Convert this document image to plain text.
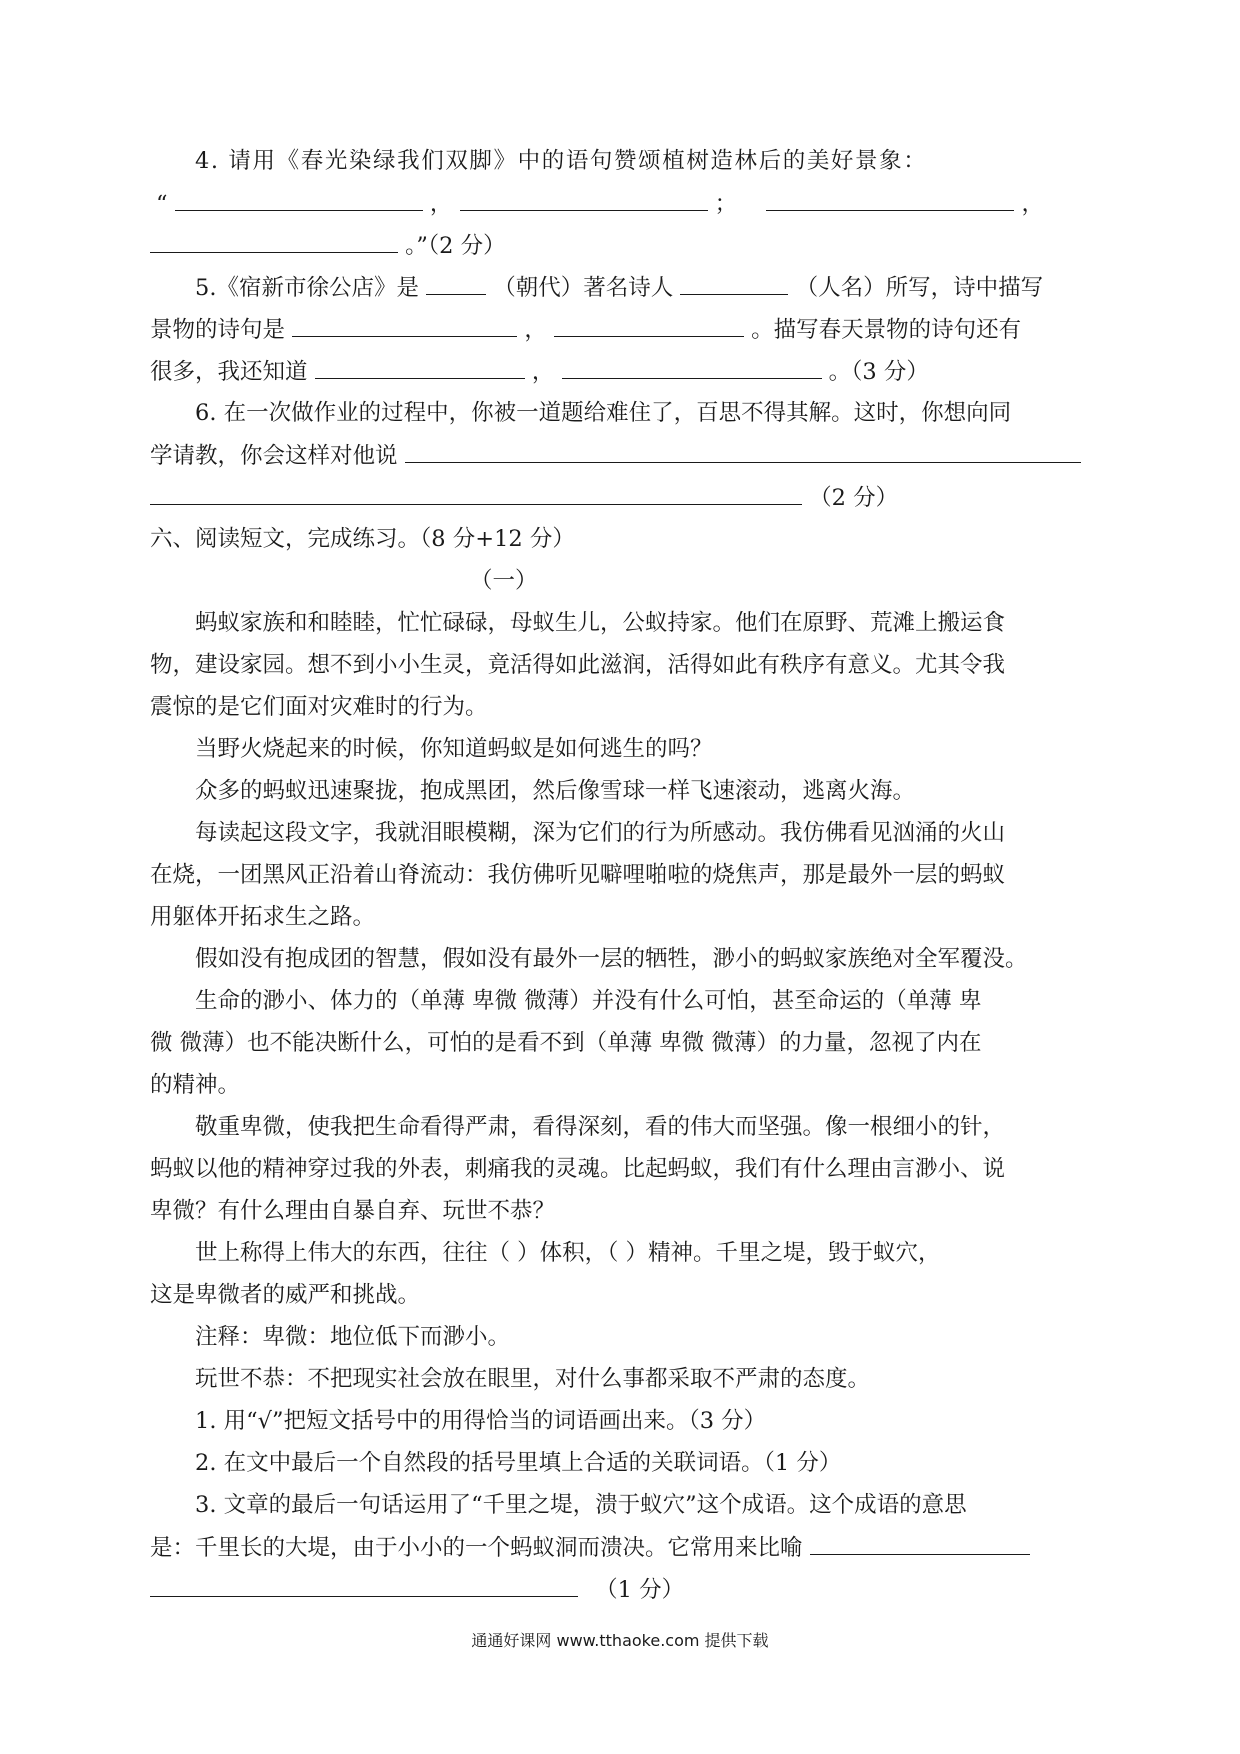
4. 请用《春光染绿我们双脚》中的语句赞颂植树造林后的美好景象：
“	，	；	，
。”（2 分）
5.《宿新市徐公店》是	（朝代）著名诗人	（人名）所写，诗中描写
景物的诗句是	，	。描写春天景物的诗句还有
很多，我还知道	，	。（3 分）
6. 在一次做作业的过程中，你被一道题给难住了，百思不得其解。这时，你想向同
学请教，你会这样对他说
（2 分）
六、阅读短文，完成练习。（8 分+12 分）
（一）
蚂蚁家族和和睦睦，忙忙碌碌，母蚁生儿，公蚁持家。他们在原野、荒滩上搬运食
物，建设家园。想不到小小生灵，竟活得如此滋润，活得如此有秩序有意义。尤其令我
震惊的是它们面对灾难时的行为。
当野火烧起来的时候，你知道蚂蚁是如何逃生的吗？
众多的蚂蚁迅速聚拢，抱成黑团，然后像雪球一样飞速滚动，逃离火海。
每读起这段文字，我就泪眼模糊，深为它们的行为所感动。我仿佛看见汹涌的火山
在烧，一团黑风正沿着山脊流动：我仿佛听见噼哩啪啦的烧焦声，那是最外一层的蚂蚁
用躯体开拓求生之路。
假如没有抱成团的智慧，假如没有最外一层的牺牲，渺小的蚂蚁家族绝对全军覆没。
生命的渺小、体力的（单薄 卑微 微薄）并没有什么可怕，甚至命运的（单薄 卑
微 微薄）也不能决断什么，可怕的是看不到（单薄 卑微 微薄）的力量，忽视了内在
的精神。
敬重卑微，使我把生命看得严肃，看得深刻，看的伟大而坚强。像一根细小的针，
蚂蚁以他的精神穿过我的外表，刺痛我的灵魂。比起蚂蚁，我们有什么理由言渺小、说
卑微？有什么理由自暴自弃、玩世不恭？
世上称得上伟大的东西，往往（ ）体积，（ ）精神。千里之堤，毁于蚁穴，
这是卑微者的威严和挑战。
注释：卑微：地位低下而渺小。
玩世不恭：不把现实社会放在眼里，对什么事都采取不严肃的态度。
1. 用“√”把短文括号中的用得恰当的词语画出来。（3 分）
2. 在文中最后一个自然段的括号里填上合适的关联词语。（1 分）
3. 文章的最后一句话运用了“千里之堤，溃于蚁穴”这个成语。这个成语的意思
是：千里长的大堤，由于小小的一个蚂蚁洞而溃决。它常用来比喻
（1 分）
通通好课网 www.tthaoke.com 提供下载
